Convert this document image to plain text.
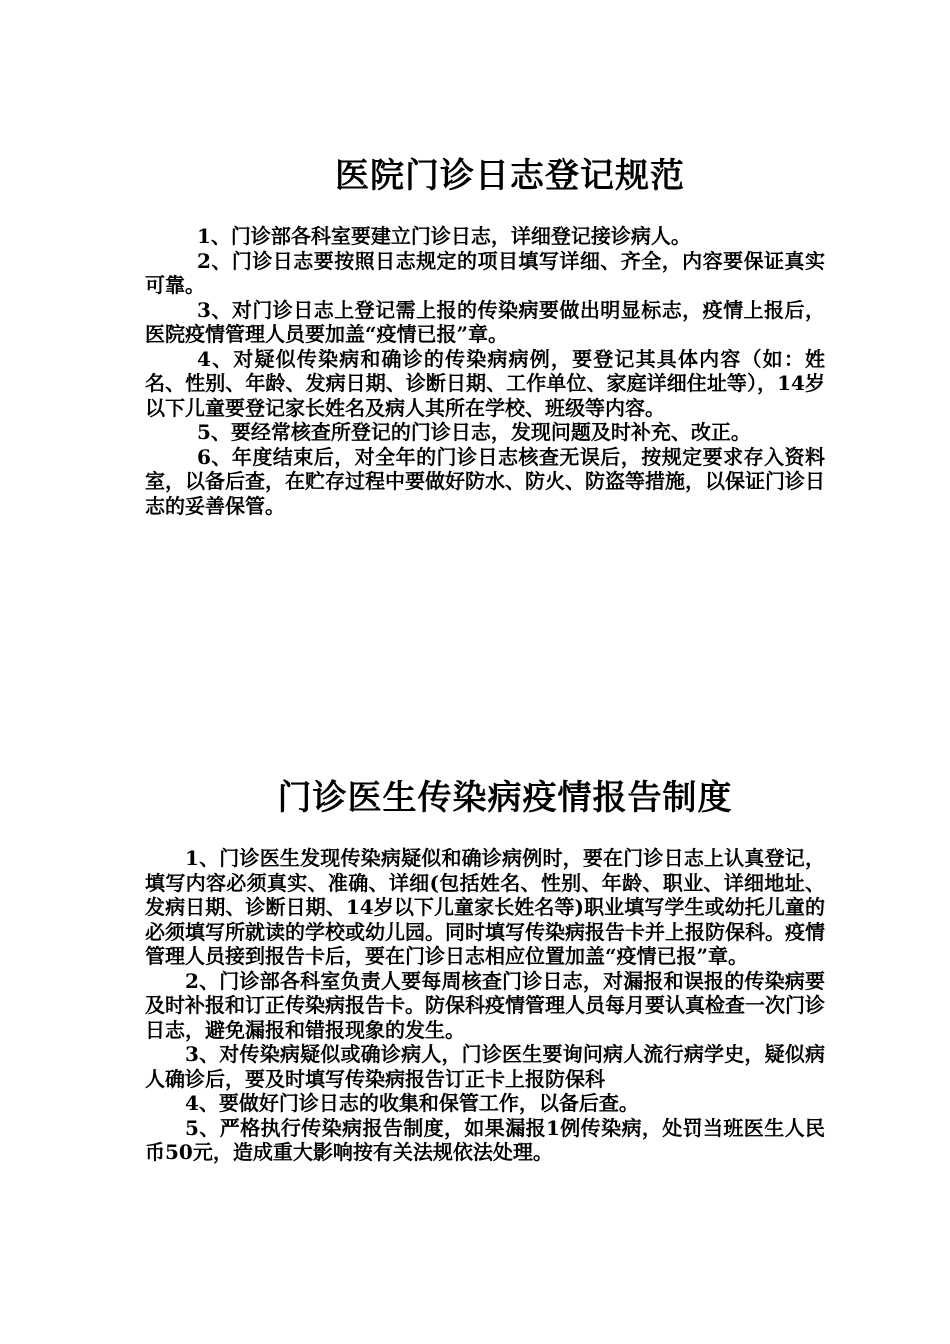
医院门诊日志登记规范

1、门诊部各科室要建立门诊日志，详细登记接诊病人。

2、门诊日志要按照日志规定的项目填写详细、齐全，内容要保证真实可靠。

3、对门诊日志上登记需上报的传染病要做出明显标志，疫情上报后，医院疫情管理人员要加盖“疫情已报”章。

4、对疑似传染病和确诊的传染病病例，要登记其具体内容（如：姓名、性别、年龄、发病日期、诊断日期、工作单位、家庭详细住址等），14岁以下儿童要登记家长姓名及病人其所在学校、班级等内容。

5、要经常核查所登记的门诊日志，发现问题及时补充、改正。

6、年度结束后，对全年的门诊日志核查无误后，按规定要求存入资料室，以备后查，在贮存过程中要做好防水、防火、防盗等措施，以保证门诊日志的妥善保管。

门诊医生传染病疫情报告制度

1、门诊医生发现传染病疑似和确诊病例时，要在门诊日志上认真登记，填写内容必须真实、准确、详细(包括姓名、性别、年龄、职业、详细地址、发病日期、诊断日期、14岁以下儿童家长姓名等)职业填写学生或幼托儿童的必须填写所就读的学校或幼儿园。同时填写传染病报告卡并上报防保科。疫情管理人员接到报告卡后，要在门诊日志相应位置加盖“疫情已报”章。

2、门诊部各科室负责人要每周核查门诊日志，对漏报和误报的传染病要及时补报和订正传染病报告卡。防保科疫情管理人员每月要认真检查一次门诊日志，避免漏报和错报现象的发生。

3、对传染病疑似或确诊病人，门诊医生要询问病人流行病学史，疑似病人确诊后，要及时填写传染病报告订正卡上报防保科

4、要做好门诊日志的收集和保管工作，以备后查。

5、严格执行传染病报告制度，如果漏报1例传染病，处罚当班医生人民币50元，造成重大影响按有关法规依法处理。
